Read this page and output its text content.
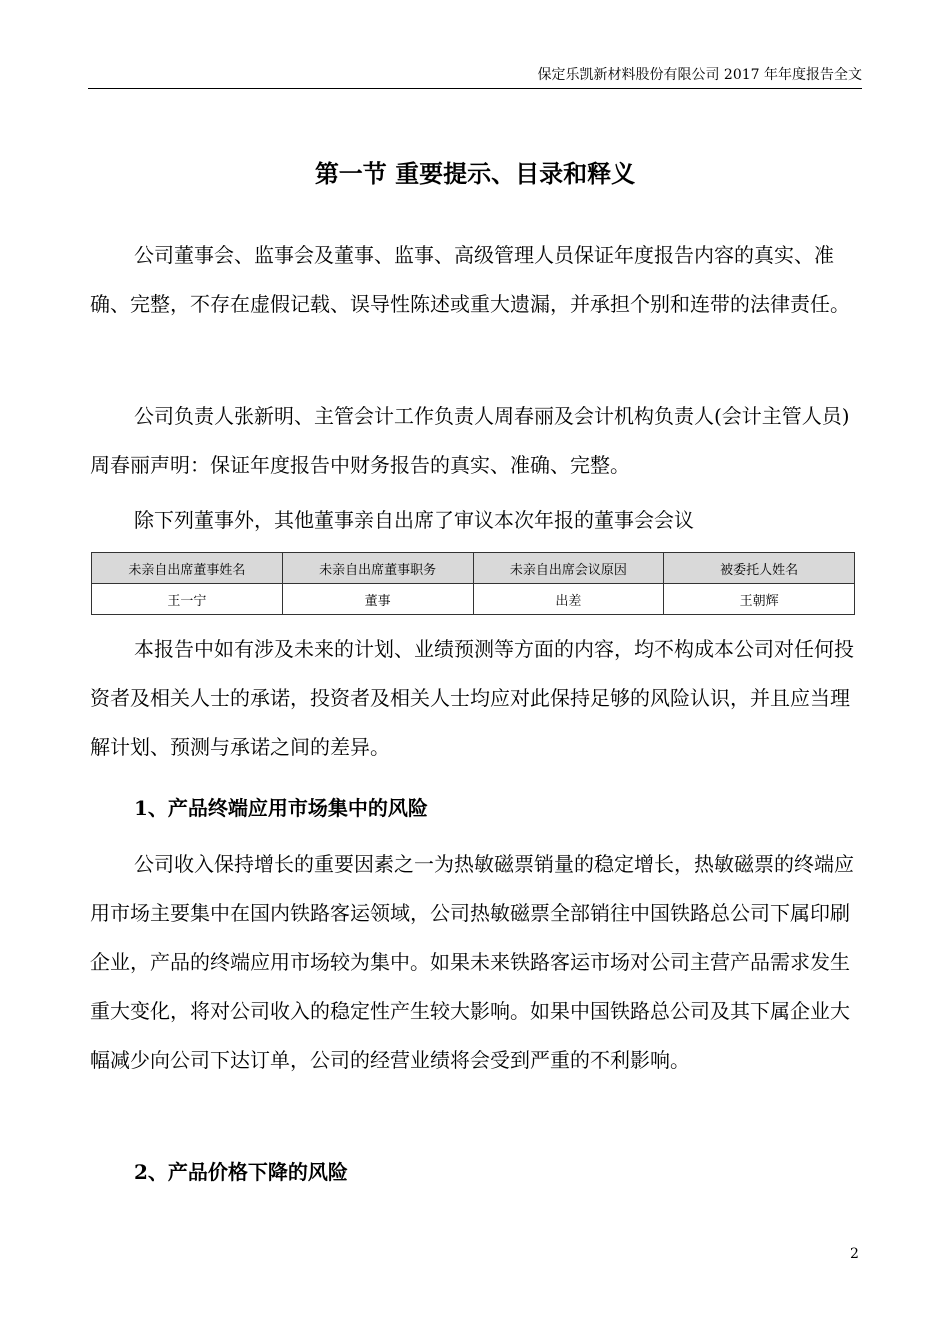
保定乐凯新材料股份有限公司 2017 年年度报告全文
第一节 重要提示、目录和释义
公司董事会、监事会及董事、监事、高级管理人员保证年度报告内容的真实、准确、完整，不存在虚假记载、误导性陈述或重大遗漏，并承担个别和连带的法律责任。
公司负责人张新明、主管会计工作负责人周春丽及会计机构负责人(会计主管人员)周春丽声明：保证年度报告中财务报告的真实、准确、完整。
除下列董事外，其他董事亲自出席了审议本次年报的董事会会议
本报告中如有涉及未来的计划、业绩预测等方面的内容，均不构成本公司对任何投资者及相关人士的承诺，投资者及相关人士均应对此保持足够的风险认识，并且应当理解计划、预测与承诺之间的差异。
1、产品终端应用市场集中的风险
公司收入保持增长的重要因素之一为热敏磁票销量的稳定增长，热敏磁票的终端应用市场主要集中在国内铁路客运领域，公司热敏磁票全部销往中国铁路总公司下属印刷企业，产品的终端应用市场较为集中。如果未来铁路客运市场对公司主营产品需求发生重大变化，将对公司收入的稳定性产生较大影响。如果中国铁路总公司及其下属企业大幅减少向公司下达订单，公司的经营业绩将会受到严重的不利影响。
2、产品价格下降的风险
未亲自出席董事姓名	未亲自出席董事职务	未亲自出席会议原因	被委托人姓名
王一宁	董事	出差	王朝辉
2
